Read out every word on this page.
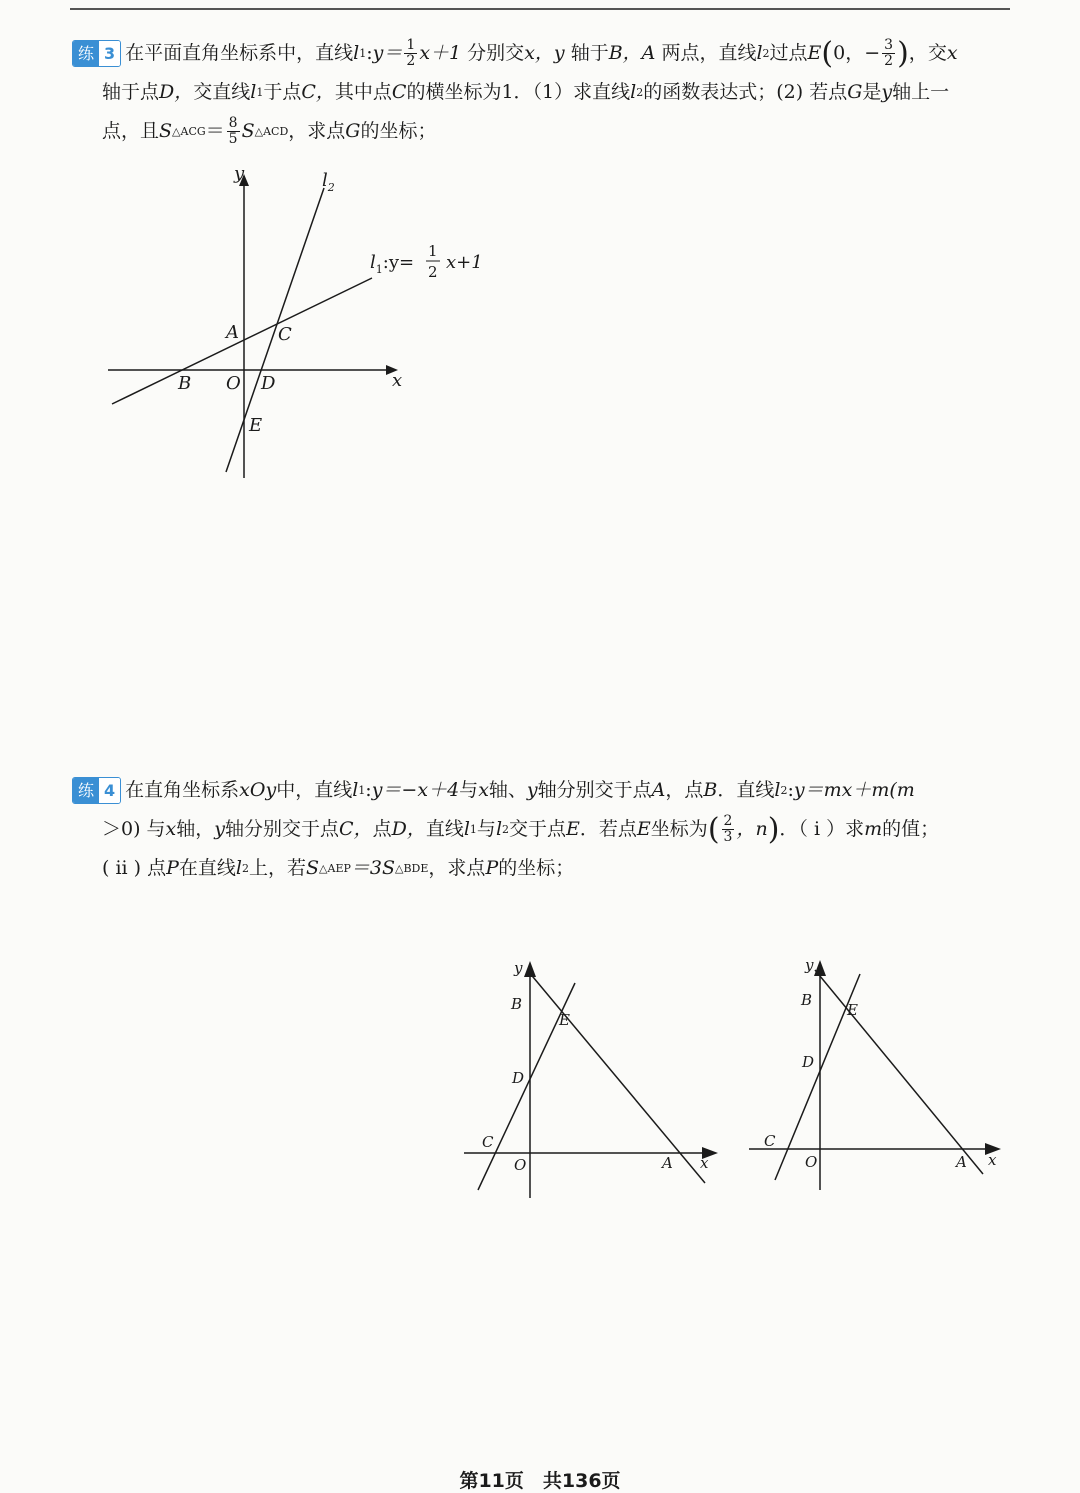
练 3 在平面直角坐标系中，直线 l 1 : $y= \frac{1}{2} x+1$
分别交 x，y
轴于 B，A
两点，直线 l 2 过点 E ( 0，− $\frac{3}{2}$ ) ， 交 x
轴于点 D， 交直线 l 1 于点 C， 其中点 C 的横坐标为1．（1）求直线 l 2 的函数表达式；(2) 若点 G 是 y 轴上一
点，且 S △ACG ＝ $\frac{8}{5}$ S △ACD ， 求点 G 的坐标；
y
x
$l_2$
$l_1:y=$
1
2 x+1
A C
B O D
E
练 4 在直角坐标系 xOy 中，直线 l 1 : y＝−x＋4 与 x 轴、 y 轴分别交于点 A ，点 B ．直线 l 2 : y＝mx＋m(m
＞0) 与 x 轴， y 轴分别交于点 C， 点 D， 直线 l 1 与 l 2 交于点 E ．若点 E 坐标为 ( $\frac{2}{3}$ ，n ) ．（ i ）求 m 的值；
( ii ) 点 P 在直线 l 2 上，若 S △AEP ＝3S △BDE ， 求点 P 的坐标；
y
x
B
E
D
C
O	A
y
x
B
E
D
C
O	A
第11页　共136页
